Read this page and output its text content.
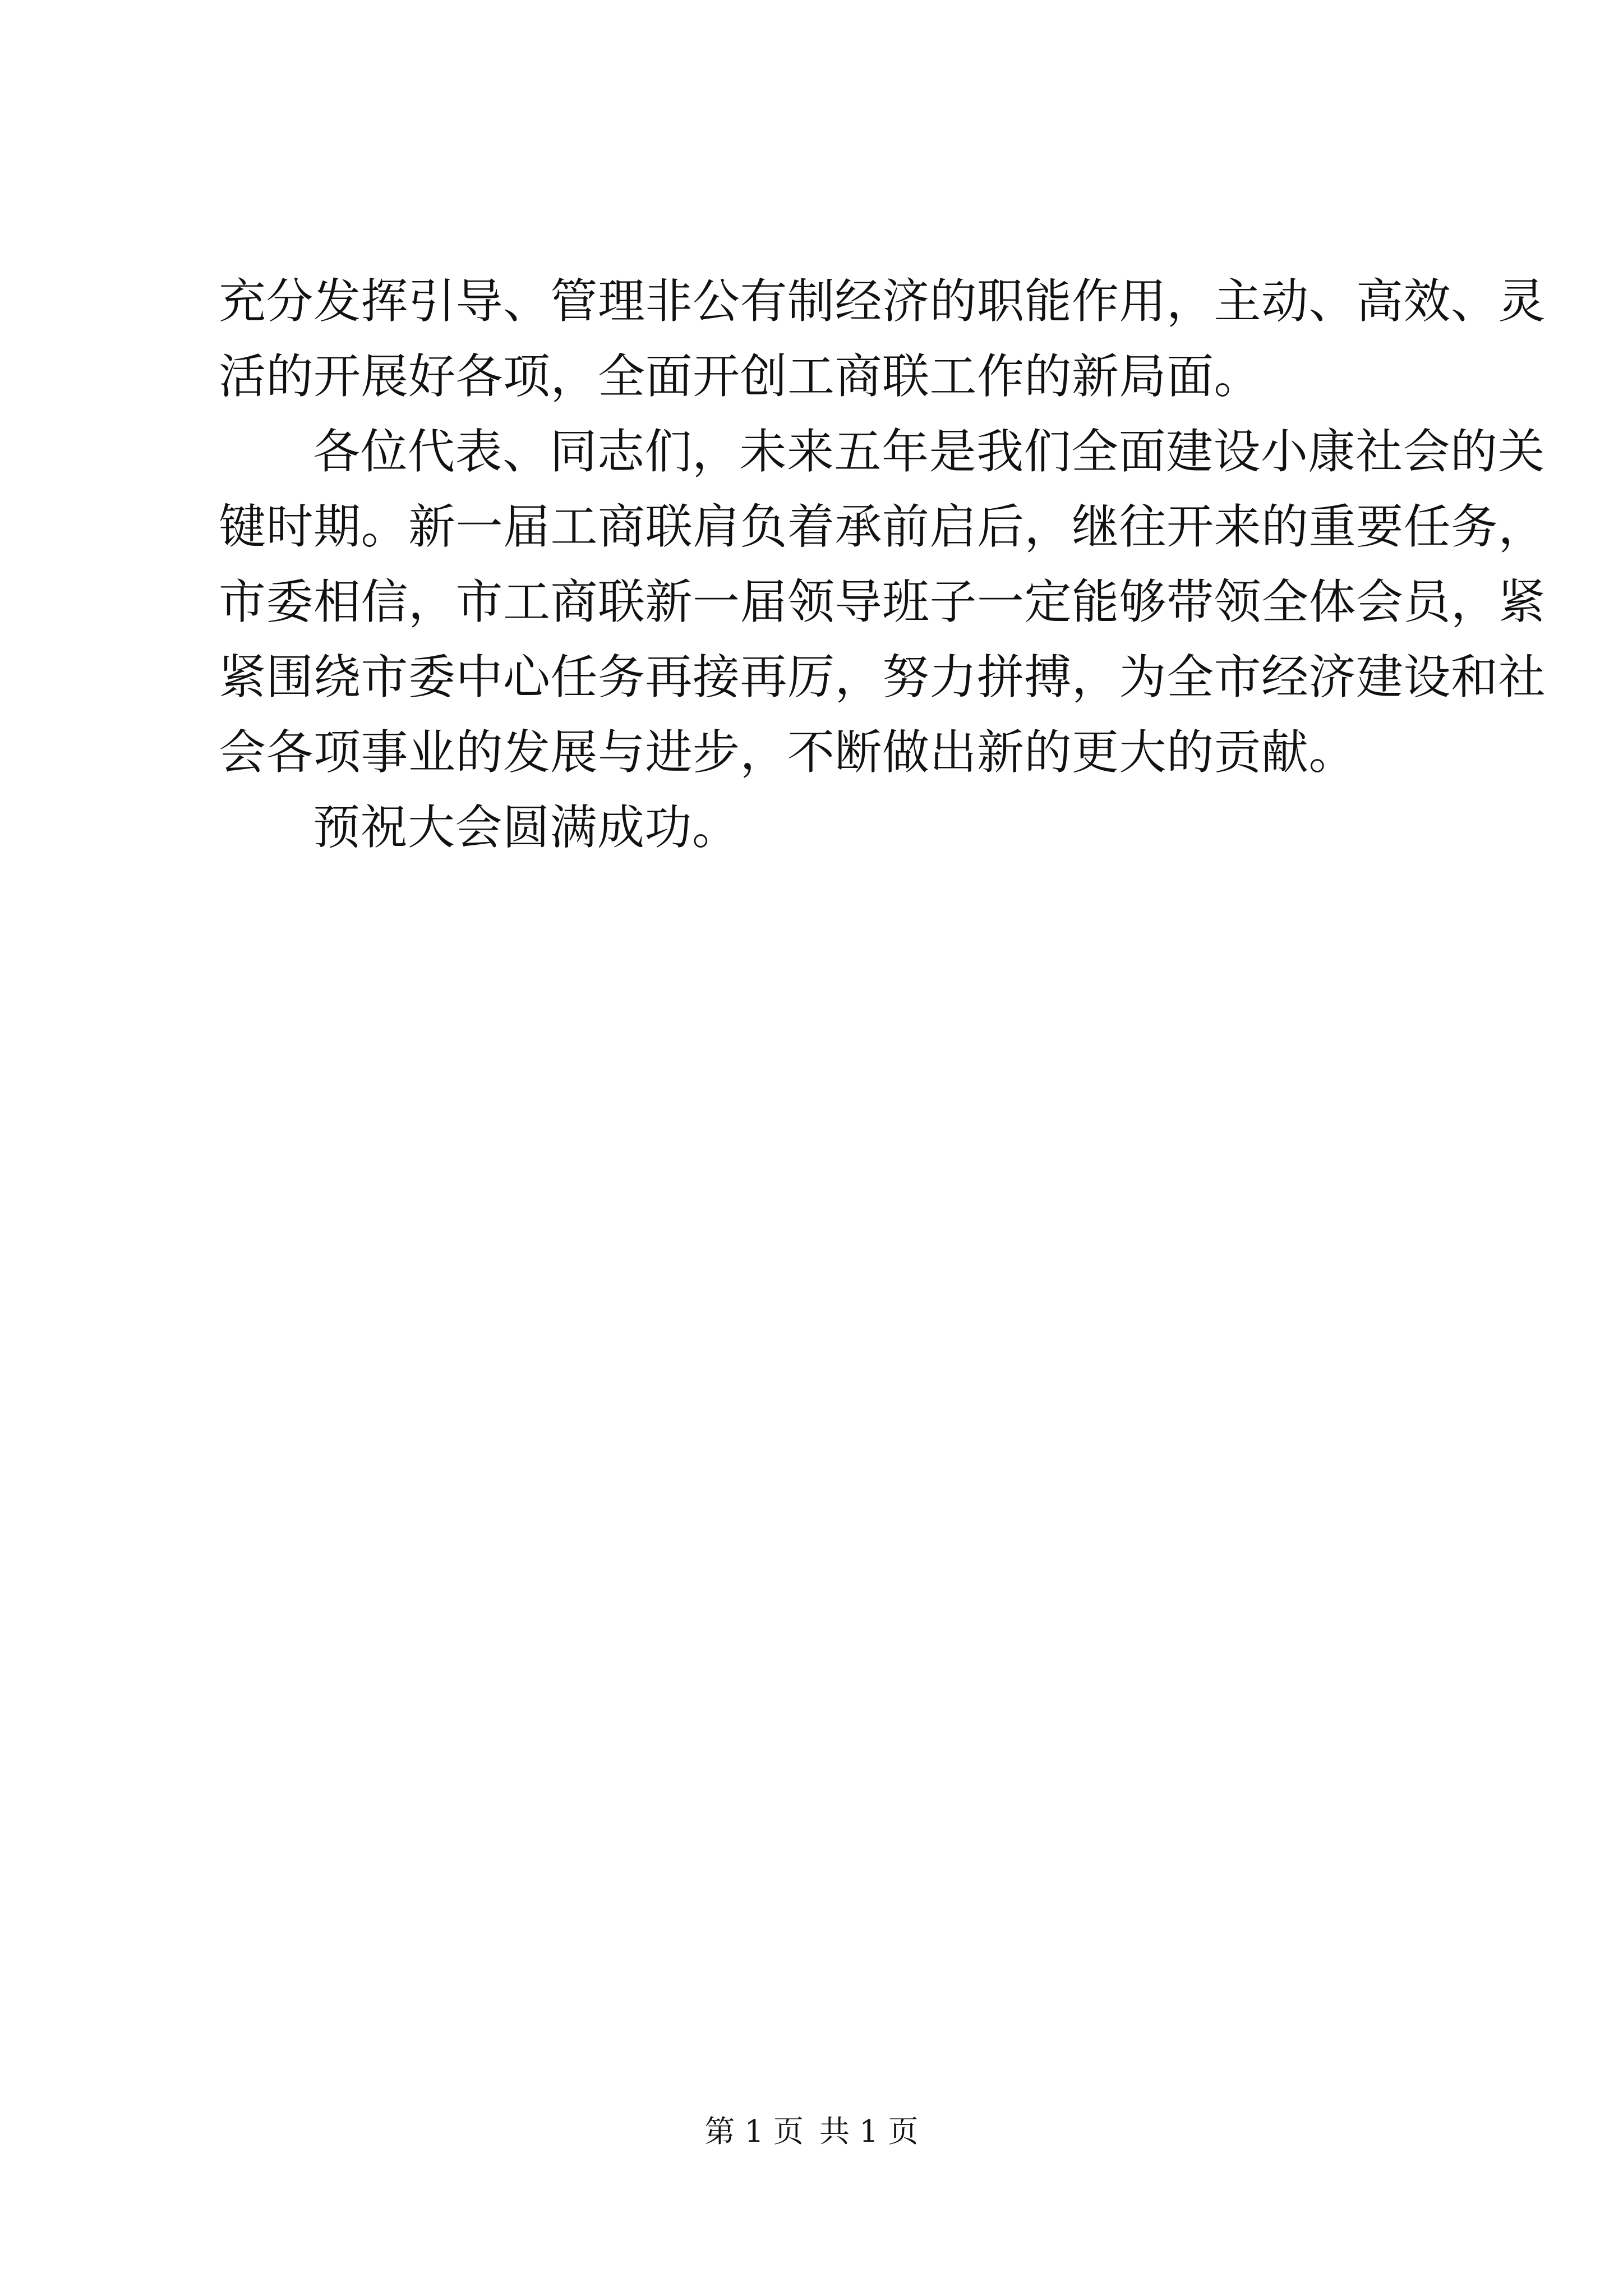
充分发挥引导、管理非公有制经济的职能作用，主动、高效、灵
活的开展好各项，全面开创工商联工作的新局面。
各位代表、同志们，未来五年是我们全面建设小康社会的关
键时期。新一届工商联肩负着承前启后，继往开来的重要任务，
市委相信，市工商联新一届领导班子一定能够带领全体会员，紧
紧围绕市委中心任务再接再厉，努力拼搏，为全市经济建设和社
会各项事业的发展与进步，不断做出新的更大的贡献。
预祝大会圆满成功。
第 1 页 共 1 页
